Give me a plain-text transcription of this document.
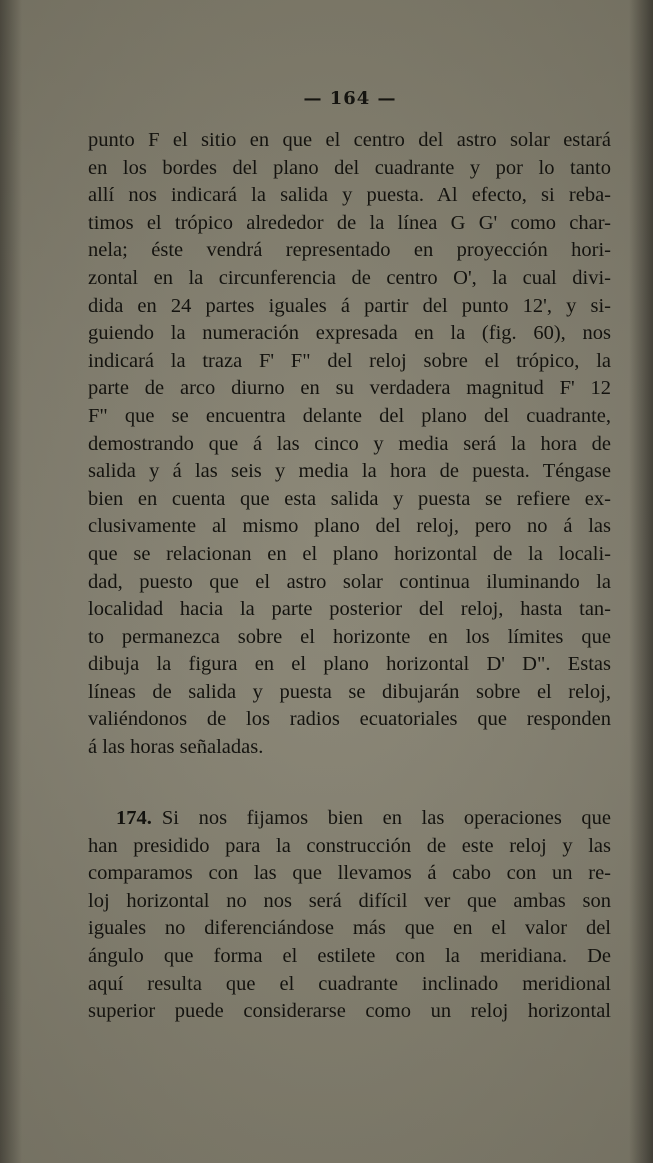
— 164 —
punto F el sitio en que el centro del astro solar estará
en los bordes del plano del cuadrante y por lo tanto
allí nos indicará la salida y puesta. Al efecto, si reba-
timos el trópico alrededor de la línea G G' como char-
nela; éste vendrá representado en proyección hori-
zontal en la circunferencia de centro O', la cual divi-
dida en 24 partes iguales á partir del punto 12', y si-
guiendo la numeración expresada en la (fig. 60), nos
indicará la traza F' F" del reloj sobre el trópico, la
parte de arco diurno en su verdadera magnitud F' 12
F" que se encuentra delante del plano del cuadrante,
demostrando que á las cinco y media será la hora de
salida y á las seis y media la hora de puesta. Téngase
bien en cuenta que esta salida y puesta se refiere ex-
clusivamente al mismo plano del reloj, pero no á las
que se relacionan en el plano horizontal de la locali-
dad, puesto que el astro solar continua iluminando la
localidad hacia la parte posterior del reloj, hasta tan-
to permanezca sobre el horizonte en los límites que
dibuja la figura en el plano horizontal D' D". Estas
líneas de salida y puesta se dibujarán sobre el reloj,
valiéndonos de los radios ecuatoriales que responden
á las horas señaladas.
174. Si nos fijamos bien en las operaciones que
han presidido para la construcción de este reloj y las
comparamos con las que llevamos á cabo con un re-
loj horizontal no nos será difícil ver que ambas son
iguales no diferenciándose más que en el valor del
ángulo que forma el estilete con la meridiana. De
aquí resulta que el cuadrante inclinado meridional
superior puede considerarse como un reloj horizontal
